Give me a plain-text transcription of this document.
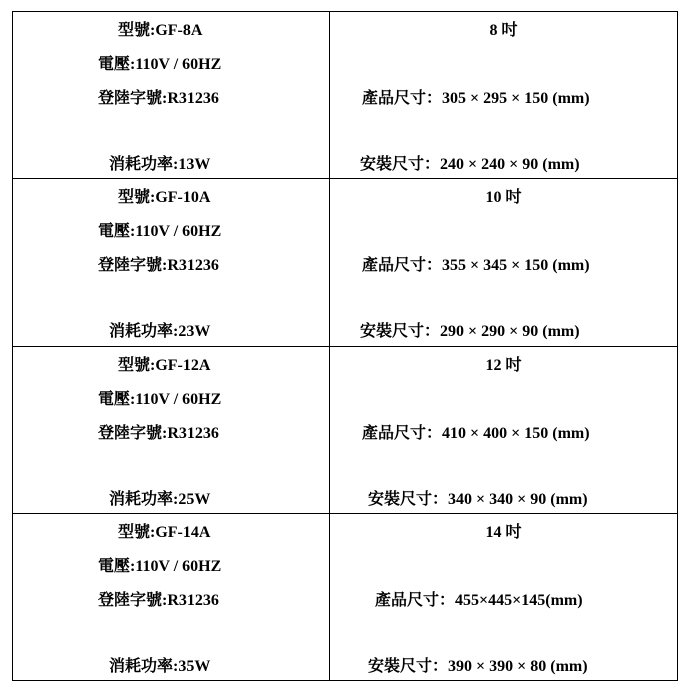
型號:GF-8A
電壓:110V / 60HZ
登陸字號:R31236
消耗功率:13W
8 吋
產品尺寸：305 × 295 × 150 (mm)
安裝尺寸：240 × 240 × 90 (mm)
型號:GF-10A
電壓:110V / 60HZ
登陸字號:R31236
消耗功率:23W
10 吋
產品尺寸：355 × 345 × 150 (mm)
安裝尺寸：290 × 290 × 90 (mm)
型號:GF-12A
電壓:110V / 60HZ
登陸字號:R31236
消耗功率:25W
12 吋
產品尺寸：410 × 400 × 150 (mm)
安裝尺寸：340 × 340 × 90 (mm)
型號:GF-14A
電壓:110V / 60HZ
登陸字號:R31236
消耗功率:35W
14 吋
產品尺寸：455×445×145(mm)
安裝尺寸：390 × 390 × 80 (mm)
